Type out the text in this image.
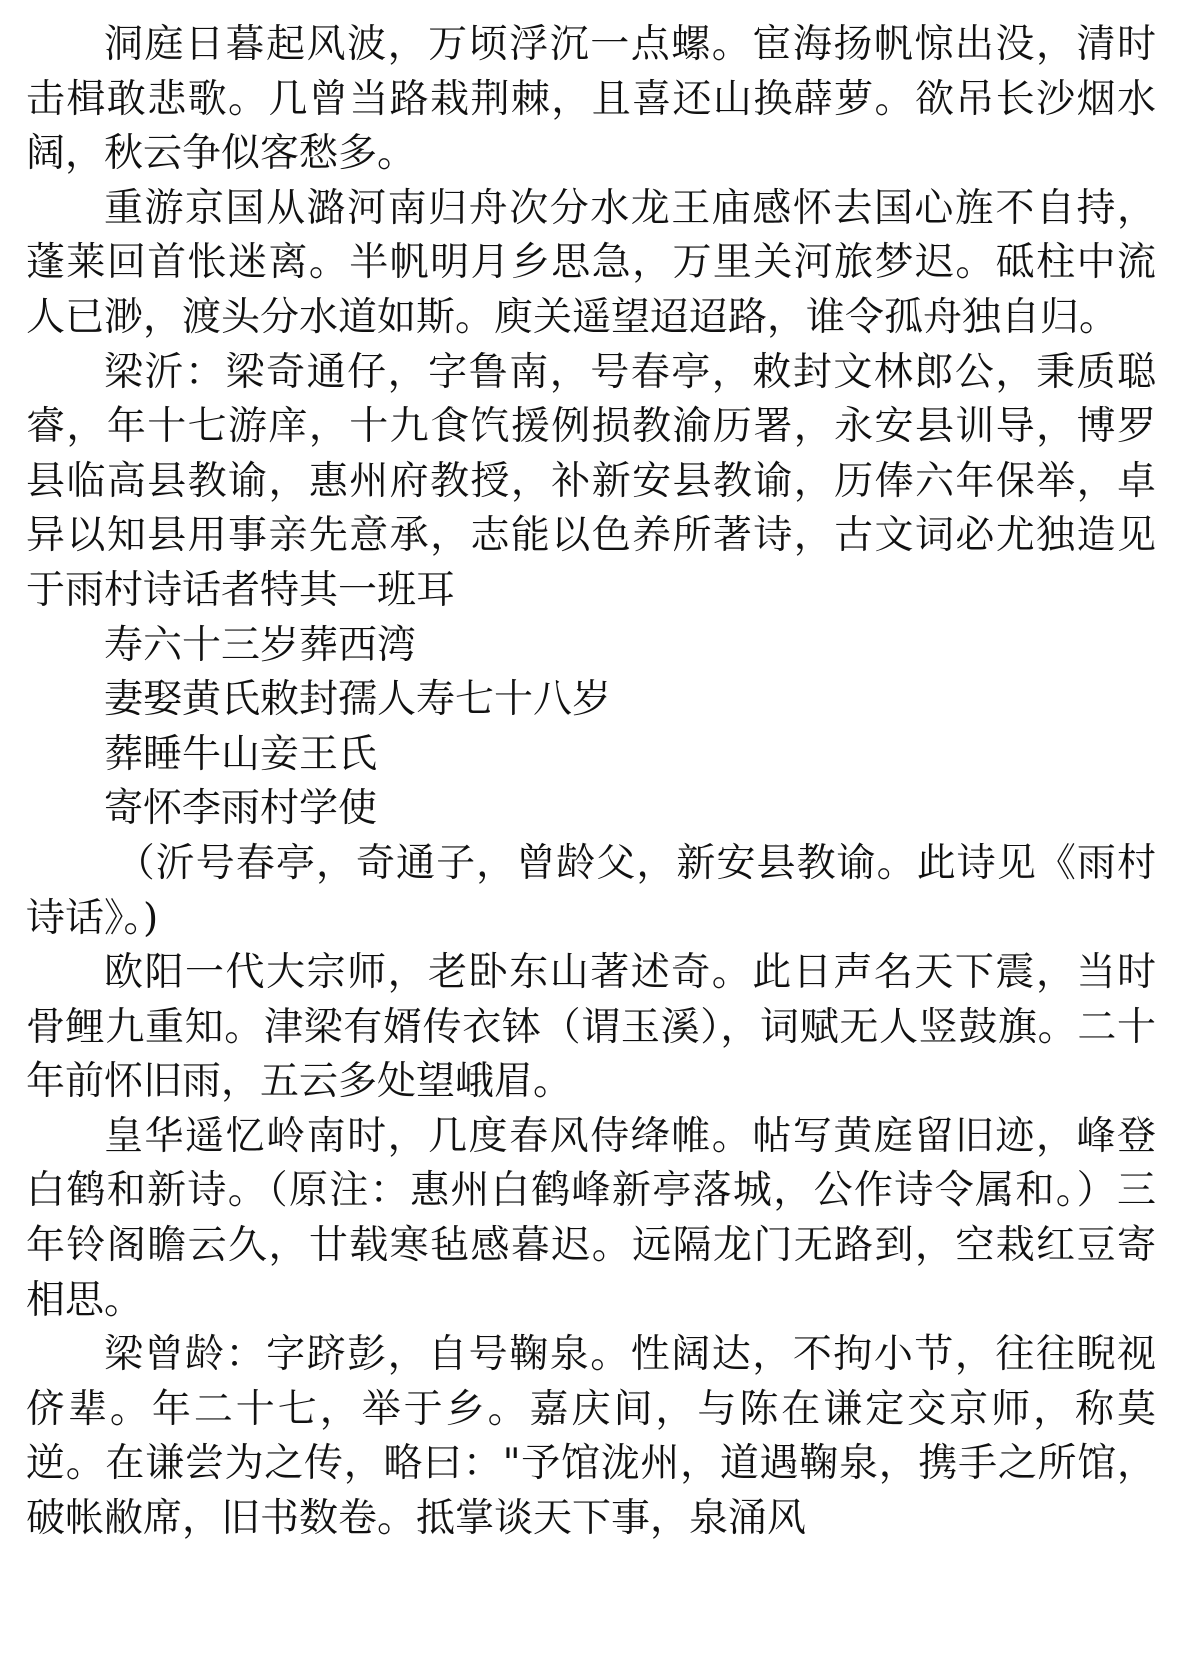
洞庭日暮起风波，万顷浮沉一点螺。宦海扬帆惊出没，清时击楫敢悲歌。几曾当路栽荆棘，且喜还山换薜萝。欲吊长沙烟水阔，秋云争似客愁多。

重游京国从潞河南归舟次分水龙王庙感怀去国心旌不自持，蓬莱回首怅迷离。半帆明月乡思急，万里关河旅梦迟。砥柱中流人已渺，渡头分水道如斯。庾关遥望迢迢路，谁令孤舟独自归。

梁沂：梁奇通仔，字鲁南，号春亭，敕封文林郎公，秉质聪睿，年十七游庠，十九食饩援例损教渝历署，永安县训导，博罗县临高县教谕，惠州府教授，补新安县教谕，历俸六年保举，卓异以知县用事亲先意承，志能以色养所著诗，古文词必尤独造见于雨村诗话者特其一班耳

寿六十三岁葬西湾

妻娶黄氏敕封孺人寿七十八岁

葬睡牛山妾王氏

寄怀李雨村学使

（沂号春亭，奇通子，曾龄父，新安县教谕。此诗见《雨村诗话》。)

欧阳一代大宗师，老卧东山著述奇。此日声名天下震，当时骨鲤九重知。津梁有婿传衣钵（谓玉溪），词赋无人竖鼓旗。二十年前怀旧雨，五云多处望峨眉。

皇华遥忆岭南时，几度春风侍绛帷。帖写黄庭留旧迹，峰登白鹤和新诗。（原注：惠州白鹤峰新亭落城，公作诗令属和。）三年铃阁瞻云久，廿载寒毡感暮迟。远隔龙门无路到，空栽红豆寄相思。

梁曾龄：字跻彭，自号鞠泉。性阔达，不拘小节，往往睨视侪辈。年二十七，举于乡。嘉庆间，与陈在谦定交京师，称莫逆。在谦尝为之传，略曰："予馆泷州，道遇鞠泉，携手之所馆，破帐敝席，旧书数卷。抵掌谈天下事，泉涌风
